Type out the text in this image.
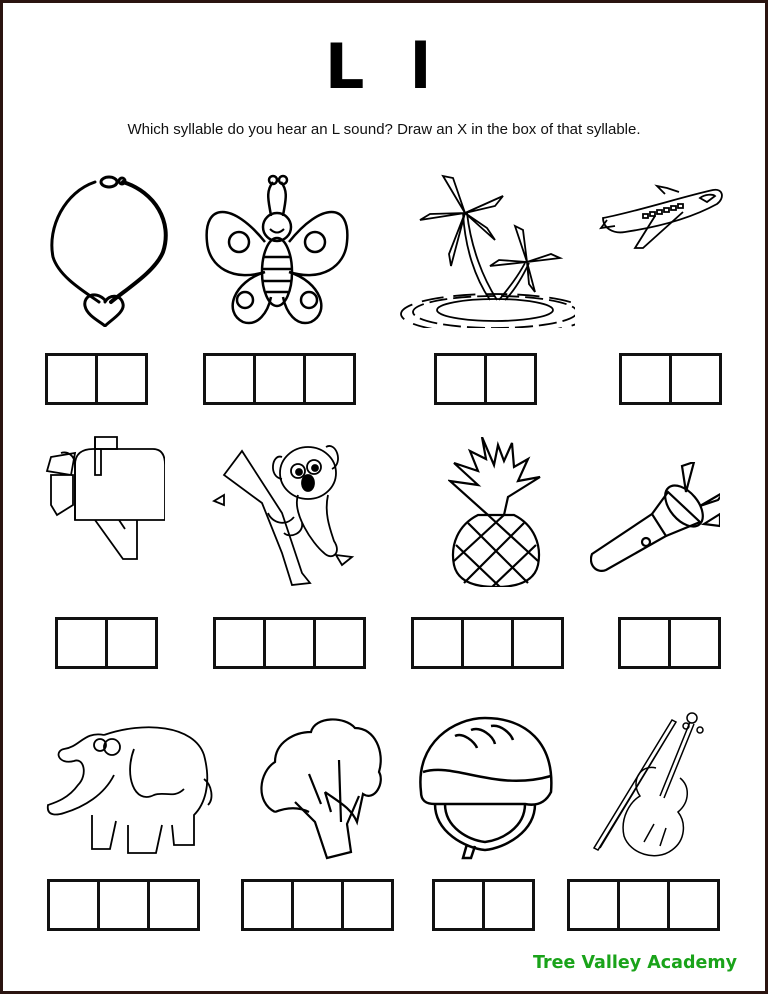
L l
Which syllable do you hear an L sound? Draw an X in the box of that syllable.
Tree Valley Academy
